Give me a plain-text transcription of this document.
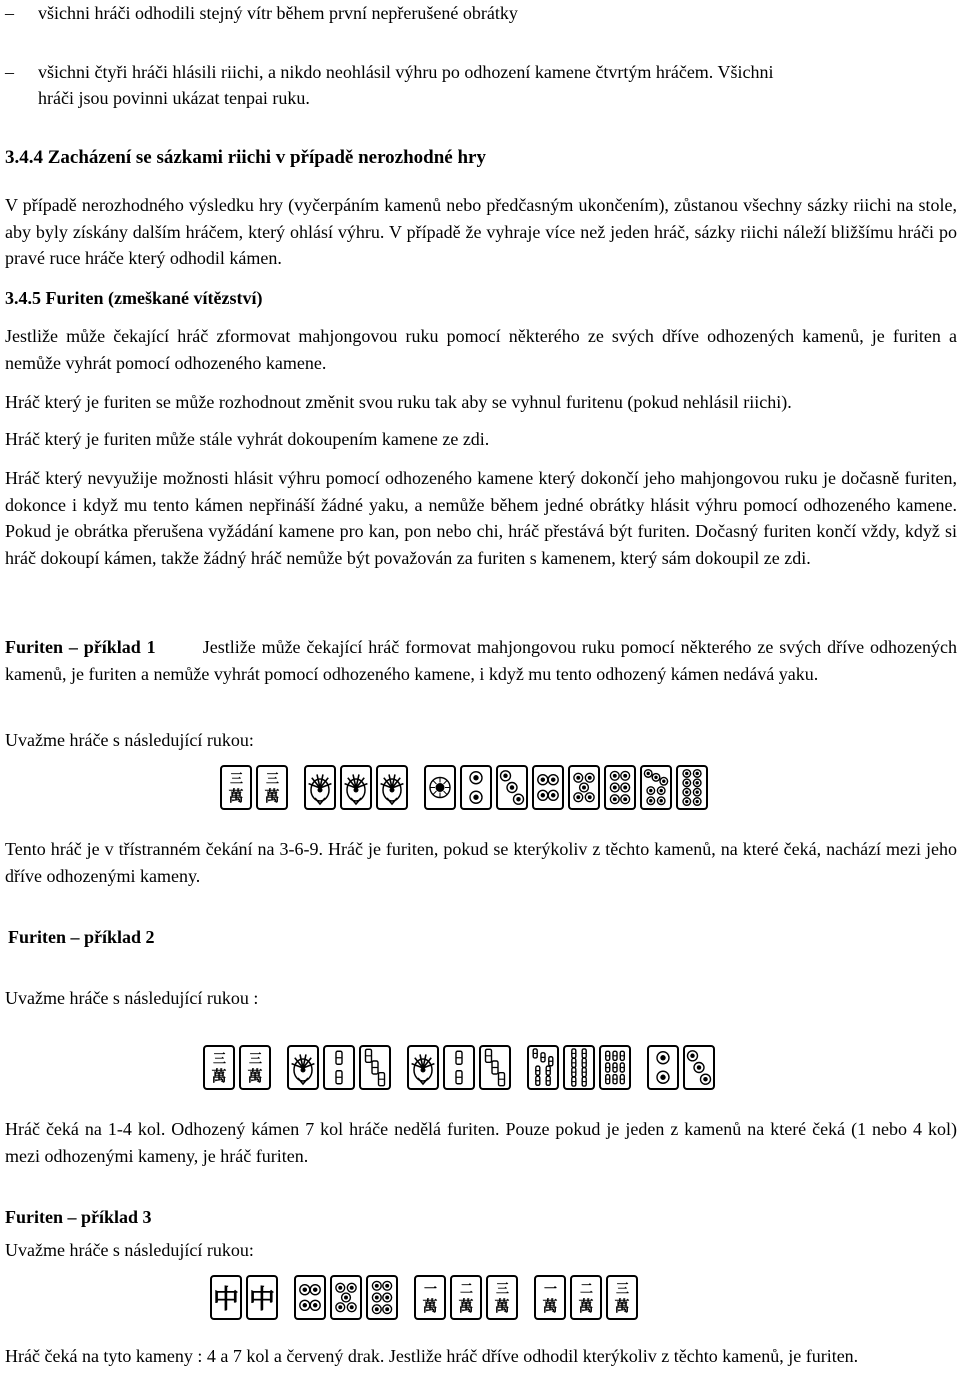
– všichni hráči odhodili stejný vítr během první nepřerušené obrátky
– všichni čtyři hráči hlásili riichi, a nikdo neohlásil výhru po odhození kamene čtvrtým hráčem. Všichni
hráči jsou povinni ukázat tenpai ruku.
3.4.4 Zacházení se sázkami riichi v případě nerozhodné hry

V případě nerozhodného výsledku hry (vyčerpáním kamenů nebo předčasným ukončením), zůstanou všechny sázky riichi na stole, aby byly získány dalším hráčem, který ohlásí výhru. V případě že vyhraje více než jeden hráč, sázky riichi náleží bližšímu hráči po pravé ruce hráče který odhodil kámen.

3.4.5 Furiten (zmeškané vítězství)

Jestliže může čekající hráč zformovat mahjongovou ruku pomocí některého ze svých dříve odhozených kamenů, je furiten a nemůže vyhrát pomocí odhozeného kamene.

Hráč který je furiten se může rozhodnout změnit svou ruku tak aby se vyhnul furitenu (pokud nehlásil riichi).

Hráč který je furiten může stále vyhrát dokoupením kamene ze zdi.

Hráč který nevyužije možnosti hlásit výhru pomocí odhozeného kamene který dokončí jeho mahjongovou ruku je dočasně furiten, dokonce i když mu tento kámen nepřináší žádné yaku, a nemůže během jedné obrátky hlásit výhru pomocí odhozeného kamene. Pokud je obrátka přerušena vyžádání kamene pro kan, pon nebo chi, hráč přestává být furiten. Dočasný furiten končí vždy, když si hráč dokoupí kámen, takže žádný hráč nemůže být považován za furiten s kamenem, který sám dokoupil ze zdi.

Furiten – příklad 1	Jestliže může čekající hráč formovat mahjongovou ruku pomocí některého ze svých dříve odhozených kamenů, je furiten a nemůže vyhrát pomocí odhozeného kamene, i když mu tento odhozený kámen nedává yaku.

Uvažme hráče s následující rukou:
三
萬
三
萬

Tento hráč je v třístranném čekání na 3-6-9. Hráč je furiten, pokud se kterýkoliv z těchto kamenů, na které čeká, nachází mezi jeho dříve odhozenými kameny.

Furiten – příklad 2
Uvažme hráče s následující rukou :
三
萬
三
萬

Hráč čeká na 1-4 kol. Odhozený kámen 7 kol hráče nedělá furiten. Pouze pokud je jeden z kamenů na které čeká (1 nebo 4 kol) mezi odhozenými kameny, je hráč furiten.

Furiten – příklad 3
Uvažme hráče s následující rukou:
中 中	一
萬
二
萬
三
萬
一
萬
二
萬
三
萬

Hráč čeká na tyto kameny : 4 a 7 kol a červený drak. Jestliže hráč dříve odhodil kterýkoliv z těchto kamenů, je furiten.
